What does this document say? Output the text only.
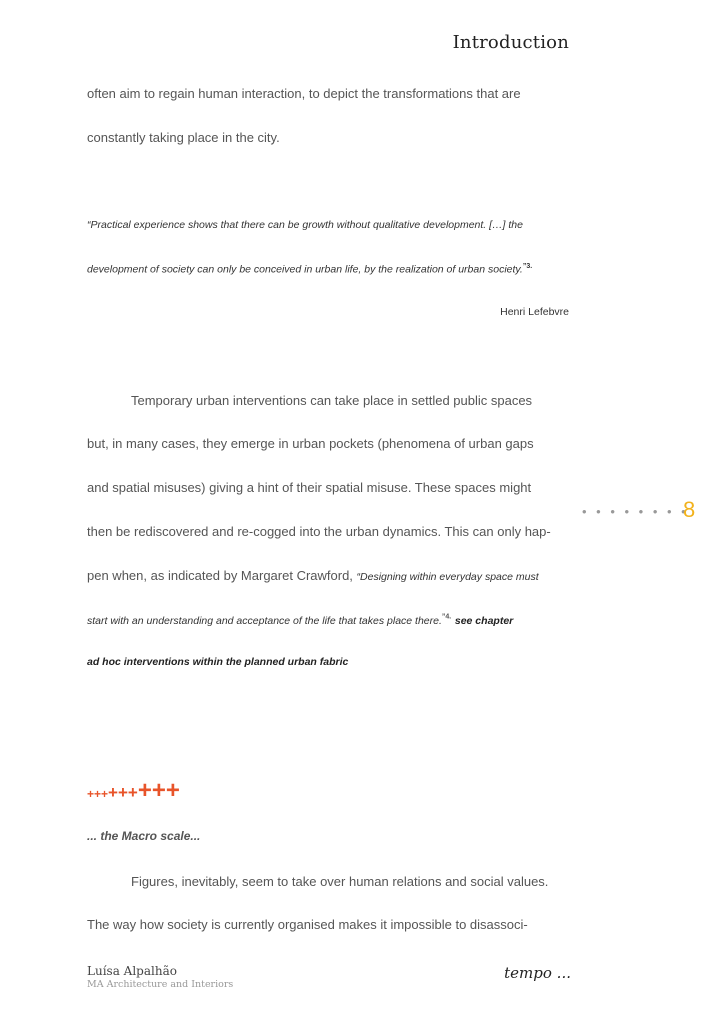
Introduction
often aim to regain human interaction, to depict the transformations that are
constantly taking place in the city.
“Practical experience shows that there can be growth without qualitative development. […] the
development of society can only be conceived in urban life, by the realization of urban society.$^{”3.}$
Henri Lefebvre
Temporary urban interventions can take place in settled public spaces
but, in many cases, they emerge in urban pockets (phenomena of urban gaps
and spatial misuses) giving a hint of their spatial misuse. These spaces might
then be rediscovered and re-cogged into the urban dynamics. This can only hap-
pen when, as indicated by Margaret Crawford, “Designing within everyday space must
start with an understanding and acceptance of the life that takes place there.$^{”4.}$ see chapter
ad hoc interventions within the planned urban fabric
• • • • • • • •
8
+++++++++
... the Macro scale...
Figures, inevitably, seem to take over human relations and social values.
The way how society is currently organised makes it impossible to disassoci-
Luísa Alpalhão
MA Architecture and Interiors
tempo ...
